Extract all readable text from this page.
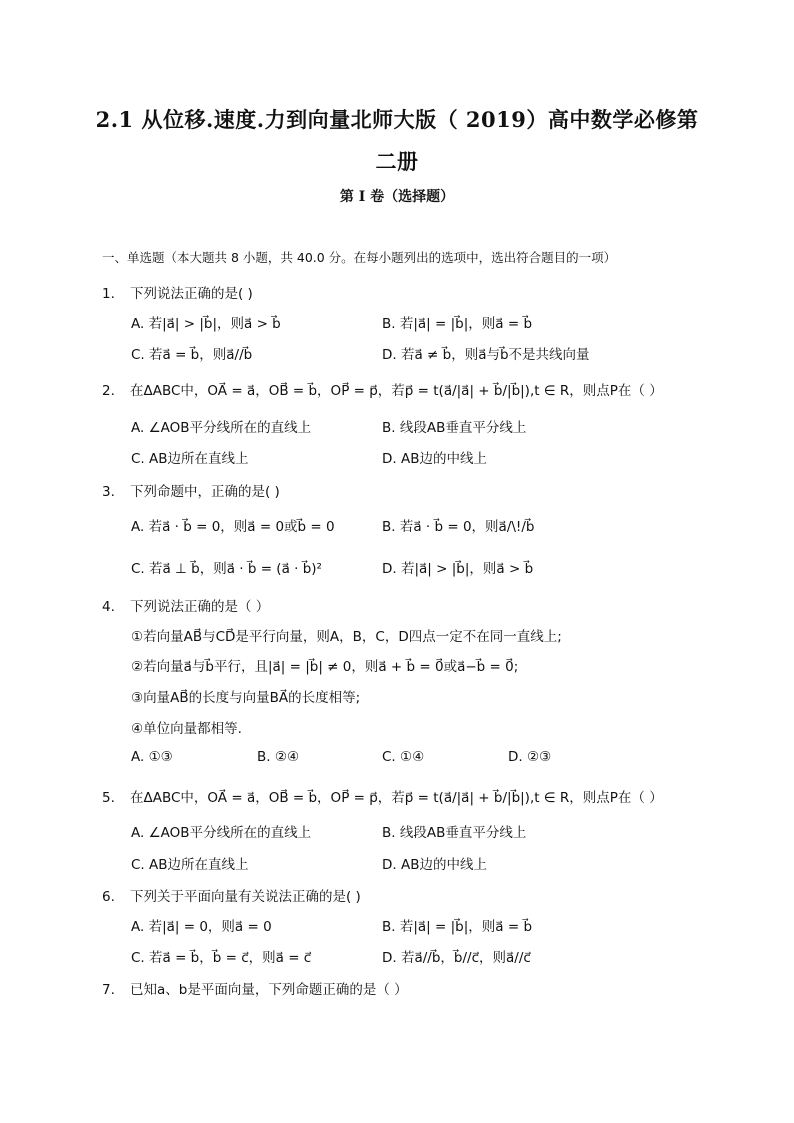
2.1 从位移.速度.力到向量北师大版（ 2019）高中数学必修第
二册
第 I 卷（选择题）
一、单选题（本大题共 8 小题，共 40.0 分。在每小题列出的选项中，选出符合题目的一项）
1. 下列说法正确的是( )
A. 若|a⃗| > |b⃗|，则a⃗ > b⃗	B. 若|a⃗| = |b⃗|，则a⃗ = b⃗
C. 若a⃗ = b⃗，则a⃗//b⃗	D. 若a⃗ ≠ b⃗，则a⃗与b⃗不是共线向量
2. 在ΔABC中，OA⃗ = a⃗，OB⃗ = b⃗，OP⃗ = p⃗，若p⃗ = t(a⃗/|a⃗| + b⃗/|b⃗|),t ∈ R，则点P在（ ）
A. ∠AOB平分线所在的直线上	B. 线段AB垂直平分线上
C. AB边所在直线上	D. AB边的中线上
3. 下列命题中，正确的是( )
A. 若a⃗ · b⃗ = 0，则a⃗ = 0或b⃗ = 0	B. 若a⃗ · b⃗ = 0，则a⃗/\!/b⃗
C. 若a⃗ ⊥ b⃗，则a⃗ · b⃗ = (a⃗ · b⃗)²	D. 若|a⃗| > |b⃗|，则a⃗ > b⃗
4. 下列说法正确的是（ ）
①若向量AB⃗与CD⃗是平行向量，则A，B，C，D四点一定不在同一直线上;
②若向量a⃗与b⃗平行，且|a⃗| = |b⃗| ≠ 0，则a⃗ + b⃗ = 0⃗或a⃗−b⃗ = 0⃗;
③向量AB⃗的长度与向量BA⃗的长度相等;
④单位向量都相等.
A. ①③	B. ②④	C. ①④	D. ②③
5. 在ΔABC中，OA⃗ = a⃗，OB⃗ = b⃗，OP⃗ = p⃗，若p⃗ = t(a⃗/|a⃗| + b⃗/|b⃗|),t ∈ R，则点P在（ ）
A. ∠AOB平分线所在的直线上	B. 线段AB垂直平分线上
C. AB边所在直线上	D. AB边的中线上
6. 下列关于平面向量有关说法正确的是( )
A. 若|a⃗| = 0，则a⃗ = 0	B. 若|a⃗| = |b⃗|，则a⃗ = b⃗
C. 若a⃗ = b⃗，b⃗ = c⃗，则a⃗ = c⃗	D. 若a⃗//b⃗，b⃗//c⃗，则a⃗//c⃗
7. 已知a、b是平面向量，下列命题正确的是（ ）
